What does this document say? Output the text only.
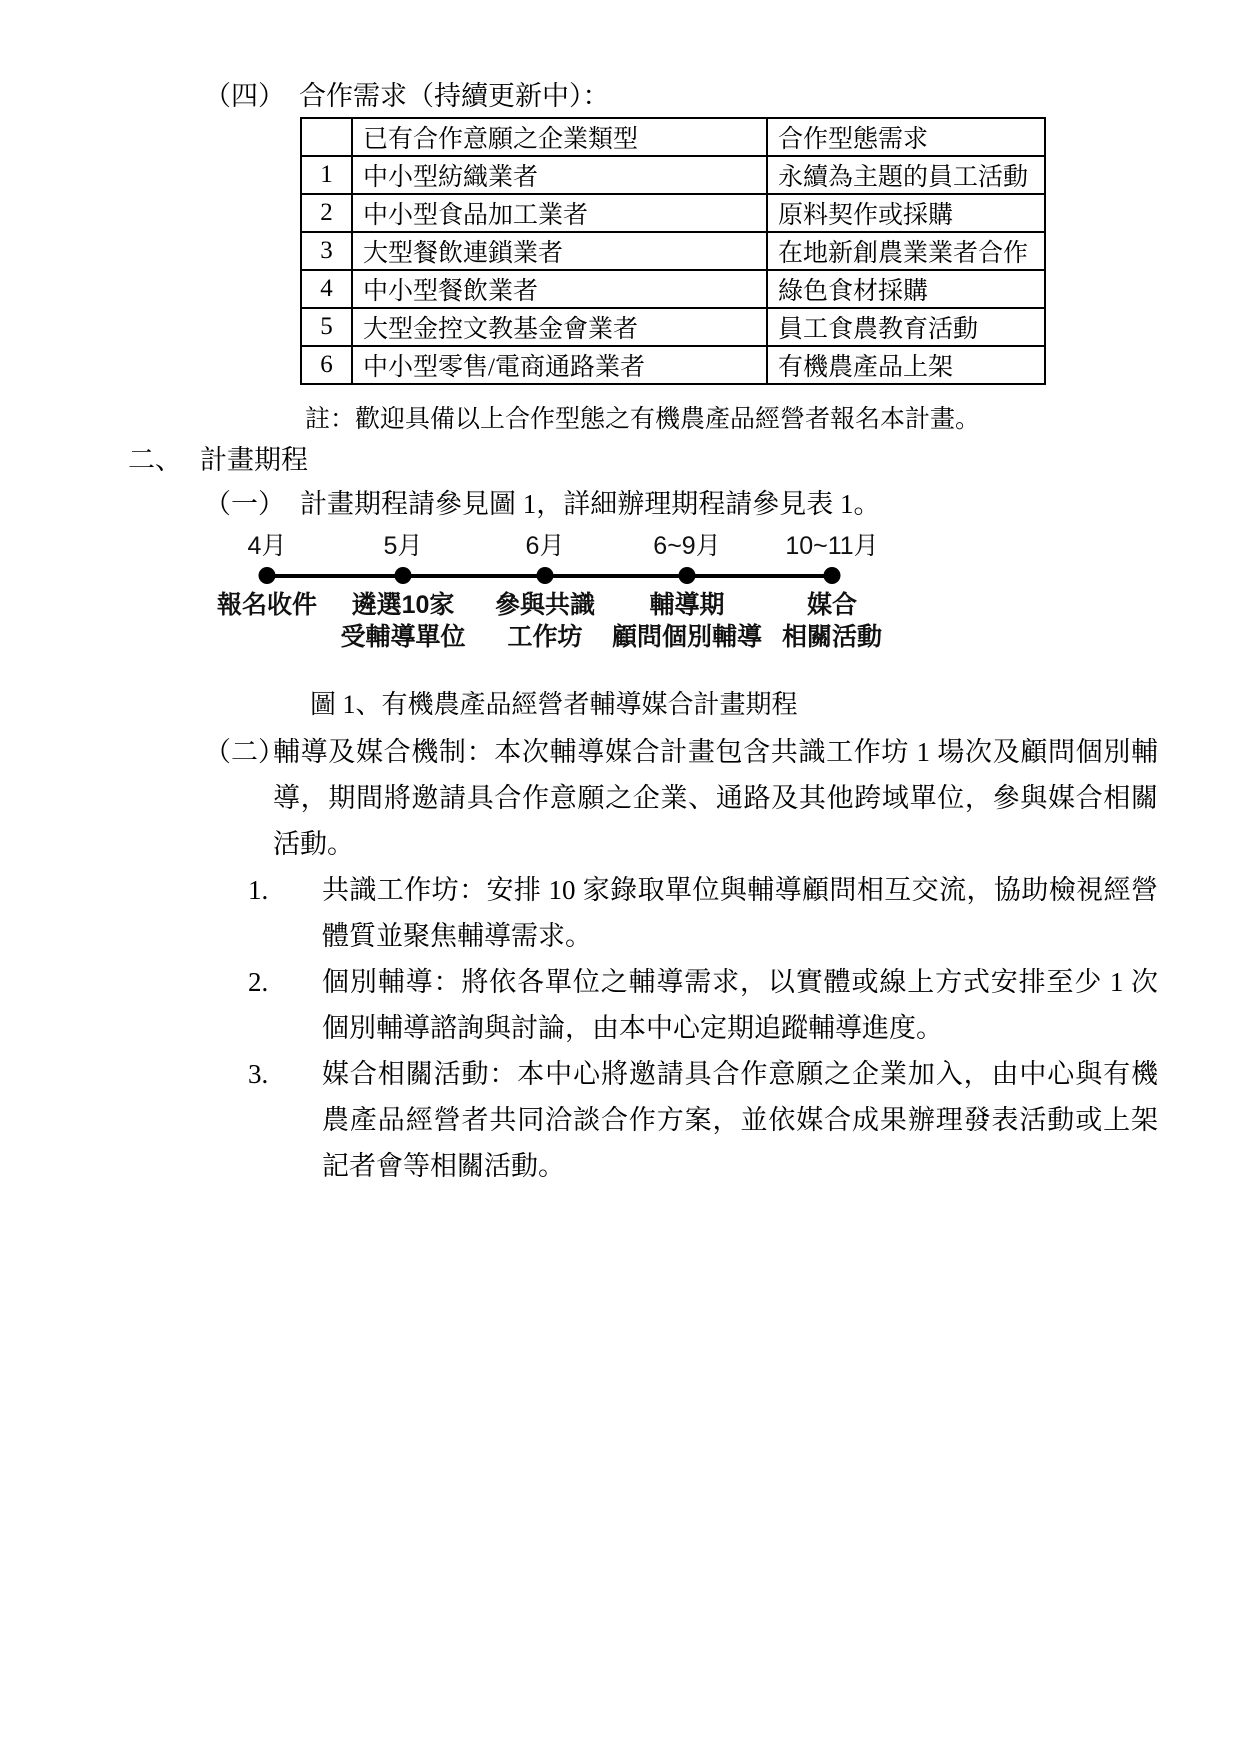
（四） 合作需求（持續更新中）：
	已有合作意願之企業類型	合作型態需求
1	中小型紡織業者	永續為主題的員工活動
2	中小型食品加工業者	原料契作或採購
3	大型餐飲連鎖業者	在地新創農業業者合作
4	中小型餐飲業者	綠色食材採購
5	大型金控文教基金會業者	員工食農教育活動
6	中小型零售/電商通路業者	有機農產品上架
註：歡迎具備以上合作型態之有機農產品經營者報名本計畫。
二、 計畫期程
（一） 計畫期程請參見圖 1，詳細辦理期程請參見表 1。
4月	5月	6月	6~9月	10~11月
報名收件	遴選10家
受輔導單位
參與共識
工作坊
輔導期
顧問個別輔導
媒合
相關活動
圖 1、有機農產品經營者輔導媒合計畫期程
（二）
輔導及媒合機制：本次輔導媒合計畫包含共識工作坊 1 場次及顧問個別輔導，期間將邀請具合作意願之企業、通路及其他跨域單位，參與媒合相關活動。
1.	共識工作坊：安排 10 家錄取單位與輔導顧問相互交流，協助檢視經營體質並聚焦輔導需求。
2.	個別輔導：將依各單位之輔導需求，以實體或線上方式安排至少 1 次個別輔導諮詢與討論，由本中心定期追蹤輔導進度。
3.	媒合相關活動：本中心將邀請具合作意願之企業加入，由中心與有機農產品經營者共同洽談合作方案，並依媒合成果辦理發表活動或上架記者會等相關活動。
